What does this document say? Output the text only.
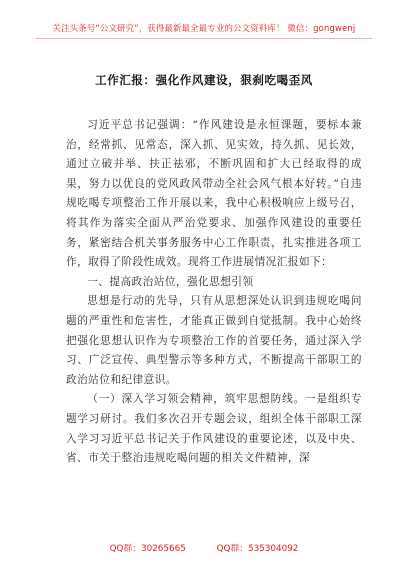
关注头条号“公文研究”，获得最新最全最专业的公文资料库！ 微信：gongwenj
工作汇报：强化作风建设，狠刹吃喝歪风

习近平总书记强调：“作风建设是永恒课题，要标本兼治，经常抓、见常态，深入抓、见实效，持久抓、见长效，通过立破并举、扶正祛邪，不断巩固和扩大已经取得的成果，努力以优良的党风政风带动全社会风气根本好转。”自违规吃喝专项整治工作开展以来，我中心积极响应上级号召，将其作为落实全面从严治党要求、加强作风建设的重要任务，紧密结合机关事务服务中心工作职责，扎实推进各项工作，取得了阶段性成效。现将工作进展情况汇报如下：

一、提高政治站位，强化思想引领

思想是行动的先导，只有从思想深处认识到违规吃喝问题的严重性和危害性，才能真正做到自觉抵制。我中心始终把强化思想认识作为专项整治工作的首要任务，通过深入学习、广泛宣传、典型警示等多种方式，不断提高干部职工的政治站位和纪律意识。

（一）深入学习领会精神，筑牢思想防线。一是组织专题学习研讨。我们多次召开专题会议，组织全体干部职工深入学习习近平总书记关于作风建设的重要论述，以及中央、省、市关于整治违规吃喝问题的相关文件精神，深

QQ群：30265665	QQ群：535304092
